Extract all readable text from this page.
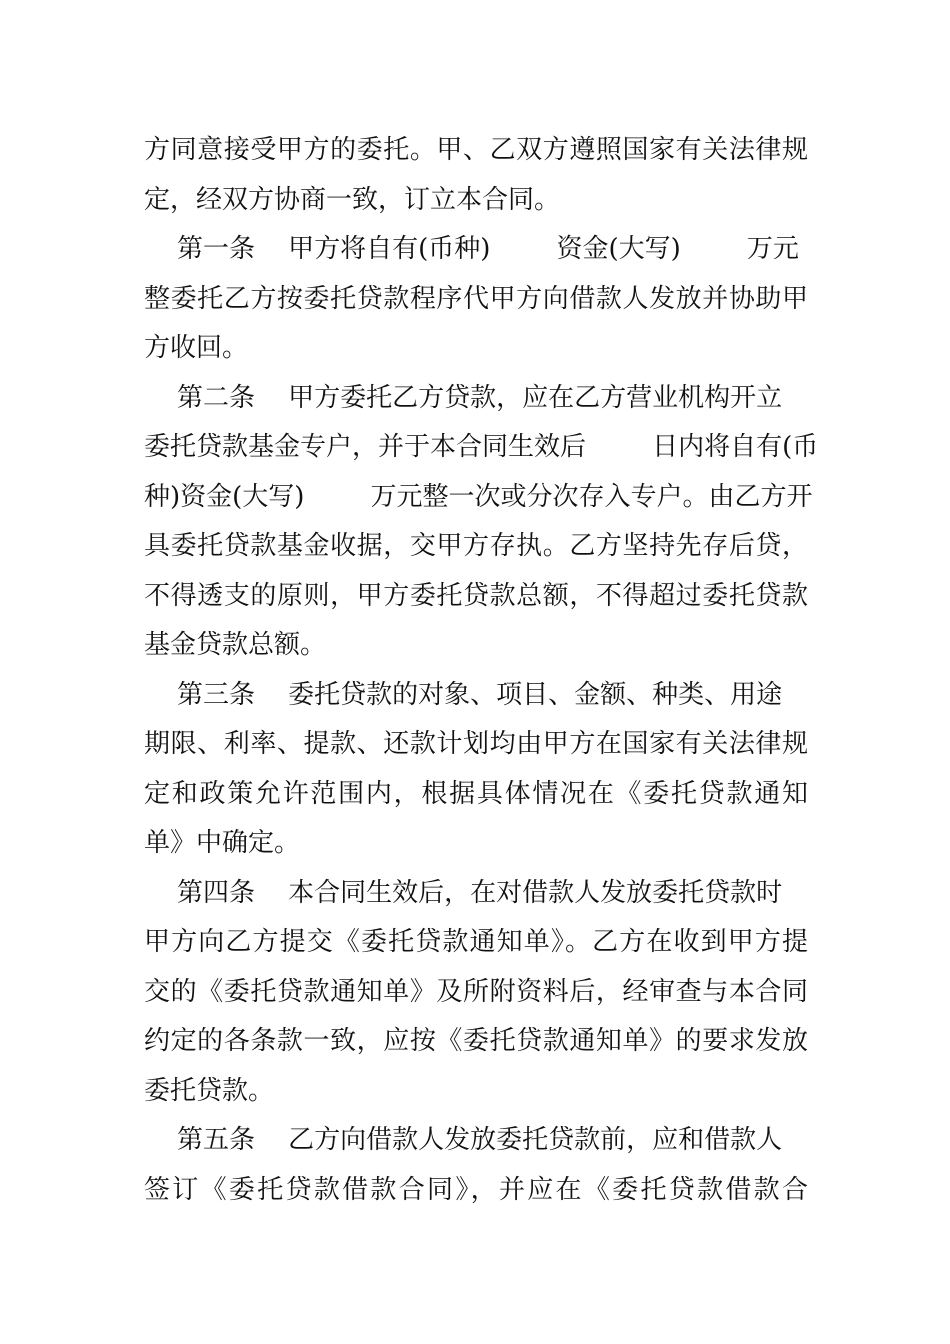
方同意接受甲方的委托。甲、乙双方遵照国家有关法律规
定，经双方协商一致，订立本合同。
第一条    甲方将自有(币种)        资金(大写)        万元
整委托乙方按委托贷款程序代甲方向借款人发放并协助甲
方收回。
第二条    甲方委托乙方贷款，应在乙方营业机构开立
委托贷款基金专户，并于本合同生效后        日内将自有(币
种)资金(大写)        万元整一次或分次存入专户。由乙方开
具委托贷款基金收据，交甲方存执。乙方坚持先存后贷，
不得透支的原则，甲方委托贷款总额，不得超过委托贷款
基金贷款总额。
第三条    委托贷款的对象、项目、金额、种类、用途
期限、利率、提款、还款计划均由甲方在国家有关法律规
定和政策允许范围内，根据具体情况在《委托贷款通知
单》中确定。
第四条    本合同生效后，在对借款人发放委托贷款时
甲方向乙方提交《委托贷款通知单》。乙方在收到甲方提
交的《委托贷款通知单》及所附资料后，经审查与本合同
约定的各条款一致，应按《委托贷款通知单》的要求发放
委托贷款。
第五条    乙方向借款人发放委托贷款前，应和借款人
签订《委托贷款借款合同》，并应在《委托贷款借款合
